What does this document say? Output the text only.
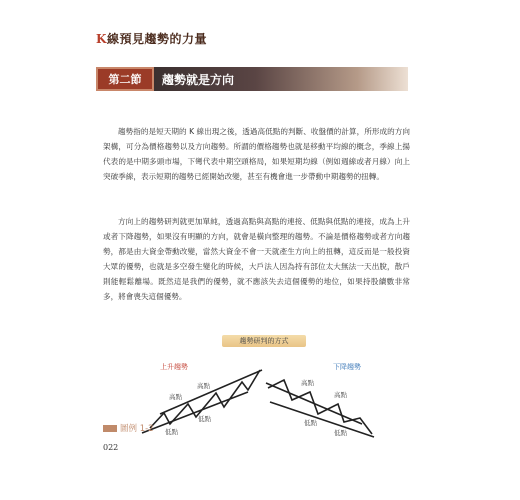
K線預見趨勢的力量
第二節	趨勢就是方向
趨勢指的是短天期的 K 線出現之後，透過高低點的判斷、收盤價的計算，所形成的方向架構，可分為價格趨勢以及方向趨勢。所謂的價格趨勢也就是移動平均線的概念，季線上揚代表的是中期多頭市場，下彎代表中期空頭格局，如果短期均線（例如週線或者月線）向上突破季線，表示短期的趨勢已經開始改變，甚至有機會進一步帶動中期趨勢的扭轉。
方向上的趨勢研判就更加單純，透過高點與高點的連接、低點與低點的連接，成為上升或者下降趨勢，如果沒有明顯的方向，就會是橫向整理的趨勢。不論是價格趨勢或者方向趨勢，都是由大資金帶動改變，當然大資金不會一天就產生方向上的扭轉，這反而是一般投資大眾的優勢，也就是多空發生變化的時候，大戶法人因為持有部位太大無法一天出脫，散戶則能輕鬆離場。既然這是我們的優勢，就不應該失去這個優勢的地位，如果持股續數非常多，將會喪失這個優勢。
趨勢研判的方式
上升趨勢
高點
低點
高點
低點
下降趨勢
高點
高點
低點
低點
圖例 1-2
022
